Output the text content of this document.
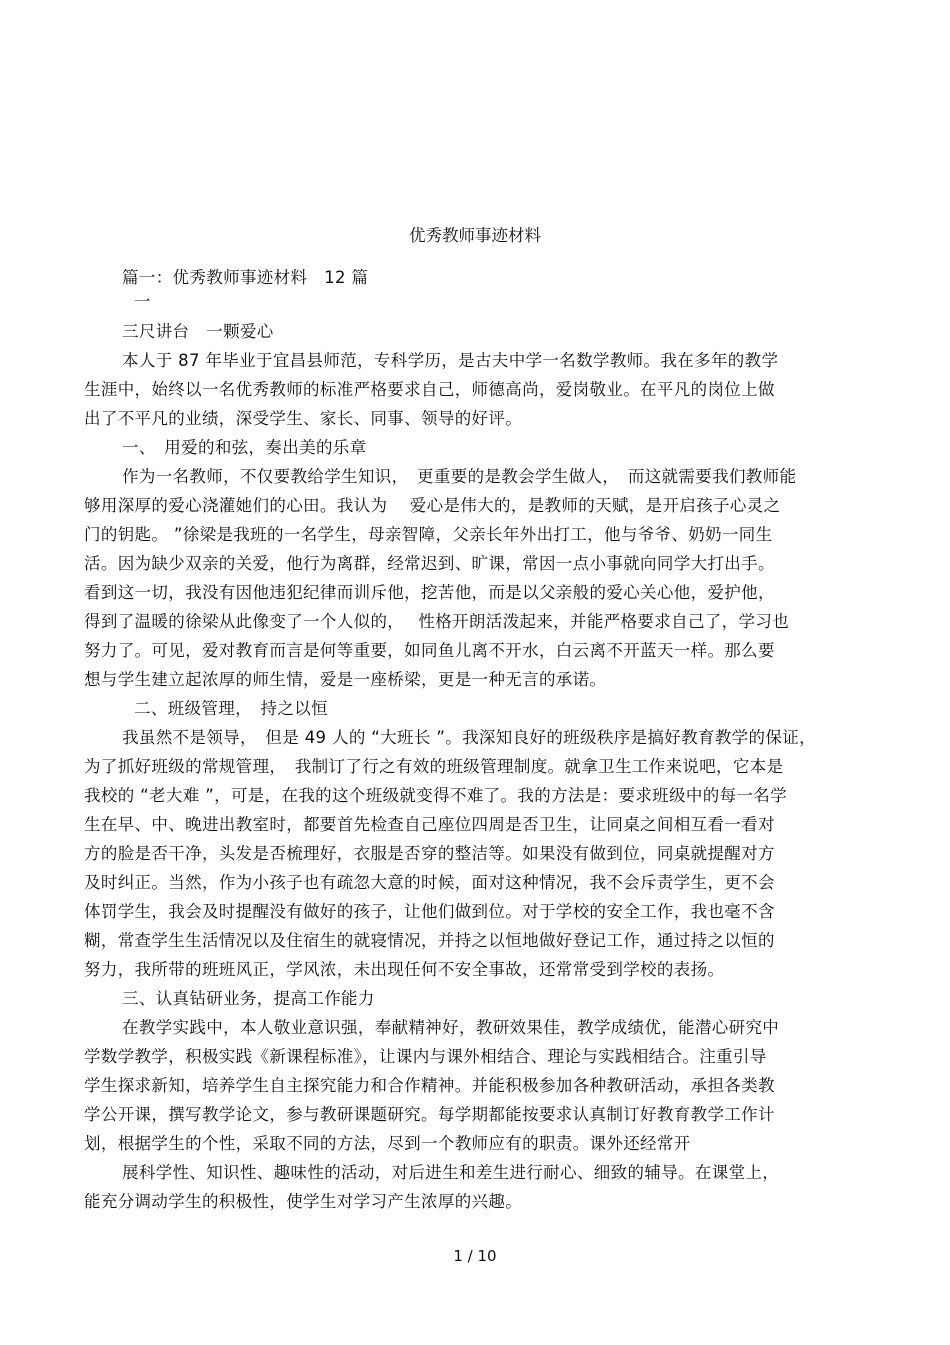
优秀教师事迹材料
篇一：优秀教师事迹材料　12 篇
一
三尺讲台　一颗爱心
本人于 87 年毕业于宜昌县师范，专科学历，是古夫中学一名数学教师。我在多年的教学
生涯中，始终以一名优秀教师的标准严格要求自己，师德高尚，爱岗敬业。在平凡的岗位上做
出了不平凡的业绩，深受学生、家长、同事、领导的好评。
一、　用爱的和弦，奏出美的乐章
作为一名教师，不仅要教给学生知识，　更重要的是教会学生做人，　而这就需要我们教师能
够用深厚的爱心浇灌她们的心田。我认为　 爱心是伟大的，是教师的天赋，是开启孩子心灵之
门的钥匙。 ”徐梁是我班的一名学生，母亲智障，父亲长年外出打工，他与爷爷、奶奶一同生
活。因为缺少双亲的关爱，他行为离群，经常迟到、旷课，常因一点小事就向同学大打出手。
看到这一切，我没有因他违犯纪律而训斥他，挖苦他，而是以父亲般的爱心关心他，爱护他，
得到了温暖的徐梁从此像变了一个人似的，　 性格开朗活泼起来，并能严格要求自己了，学习也
努力了。可见，爱对教育而言是何等重要，如同鱼儿离不开水，白云离不开蓝天一样。那么要
想与学生建立起浓厚的师生情，爱是一座桥梁，更是一种无言的承诺。
二、班级管理，　持之以恒
我虽然不是领导，　但是 49 人的 “大班长 ”。我深知良好的班级秩序是搞好教育教学的保证，
为了抓好班级的常规管理，　我制订了行之有效的班级管理制度。就拿卫生工作来说吧，它本是
我校的 “老大难 ”，可是，在我的这个班级就变得不难了。我的方法是：要求班级中的每一名学
生在早、中、晚进出教室时，都要首先检查自己座位四周是否卫生，让同桌之间相互看一看对
方的脸是否干净，头发是否梳理好，衣服是否穿的整洁等。如果没有做到位，同桌就提醒对方
及时纠正。当然，作为小孩子也有疏忽大意的时候，面对这种情况，我不会斥责学生，更不会
体罚学生，我会及时提醒没有做好的孩子，让他们做到位。对于学校的安全工作，我也毫不含
糊，常查学生生活情况以及住宿生的就寝情况，并持之以恒地做好登记工作，通过持之以恒的
努力，我所带的班班风正，学风浓，未出现任何不安全事故，还常常受到学校的表扬。
三、认真钻研业务，提高工作能力
在教学实践中，本人敬业意识强，奉献精神好，教研效果佳，教学成绩优，能潜心研究中
学数学教学，积极实践《新课程标准》，让课内与课外相结合、理论与实践相结合。注重引导
学生探求新知，培养学生自主探究能力和合作精神。并能积极参加各种教研活动，承担各类教
学公开课，撰写教学论文，参与教研课题研究。每学期都能按要求认真制订好教育教学工作计
划，根据学生的个性，采取不同的方法，尽到一个教师应有的职责。课外还经常开
展科学性、知识性、趣味性的活动，对后进生和差生进行耐心、细致的辅导。在课堂上，
能充分调动学生的积极性，使学生对学习产生浓厚的兴趣。
1 / 10
